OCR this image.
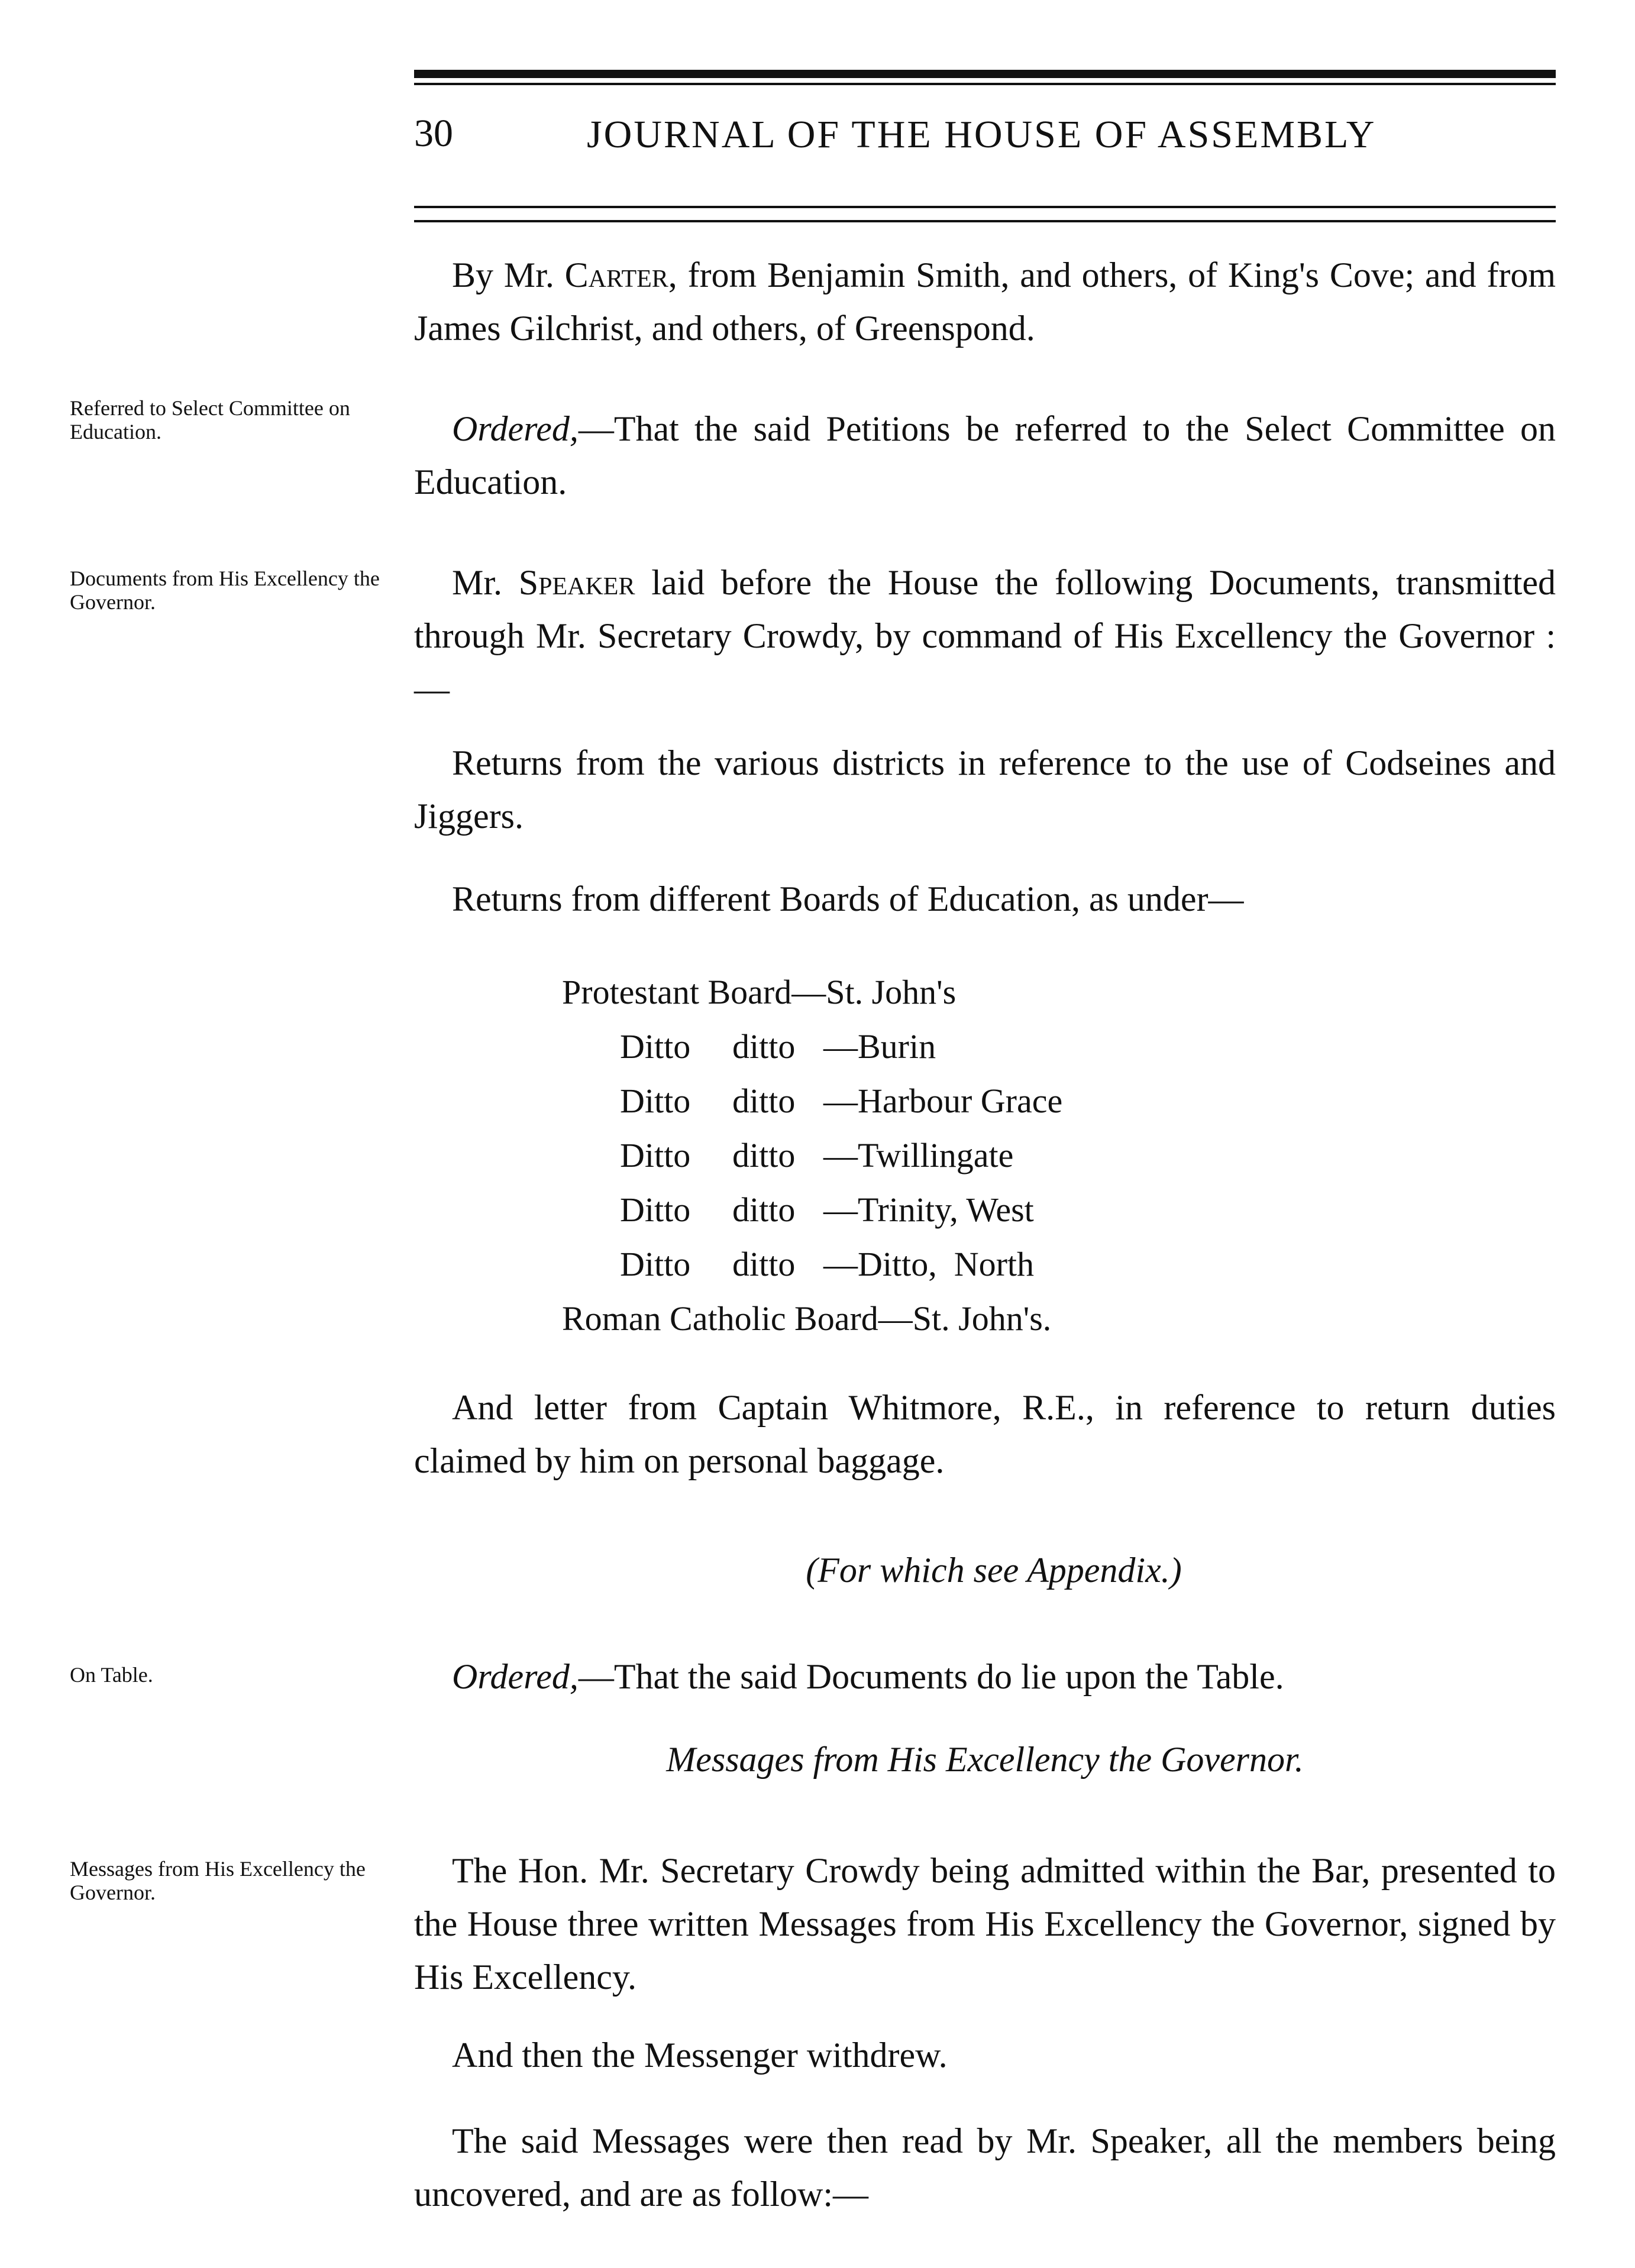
30	JOURNAL OF THE HOUSE OF ASSEMBLY
Referred to Select Committee on Education.
Documents from His Excellency the Governor.
On Table.
Messages from His Excellency the Governor.
By Mr. Carter, from Benjamin Smith, and others, of King's Cove; and from James Gilchrist, and others, of Greenspond.
Ordered,—That the said Petitions be referred to the Select Committee on Education.
Mr. Speaker laid before the House the following Documents, transmitted through Mr. Secretary Crowdy, by command of His Excellency the Governor :—
Returns from the various districts in reference to the use of Codseines and Jiggers.
Returns from different Boards of Education, as under—
Protestant Board—St. John's
Ditto ditto —Burin
Ditto ditto —Harbour Grace
Ditto ditto —Twillingate
Ditto ditto —Trinity, West
Ditto ditto —Ditto,  North
Roman Catholic Board—St. John's.
And letter from Captain Whitmore, R.E., in reference to return duties claimed by him on personal baggage.
(For which see Appendix.)
Ordered,—That the said Documents do lie upon the Table.
Messages from His Excellency the Governor.
The Hon. Mr. Secretary Crowdy being admitted within the Bar, presented to the House three written Messages from His Excellency the Governor, signed by His Excellency.
And then the Messenger withdrew.
The said Messages were then read by Mr. Speaker, all the members being uncovered, and are as follow:—
